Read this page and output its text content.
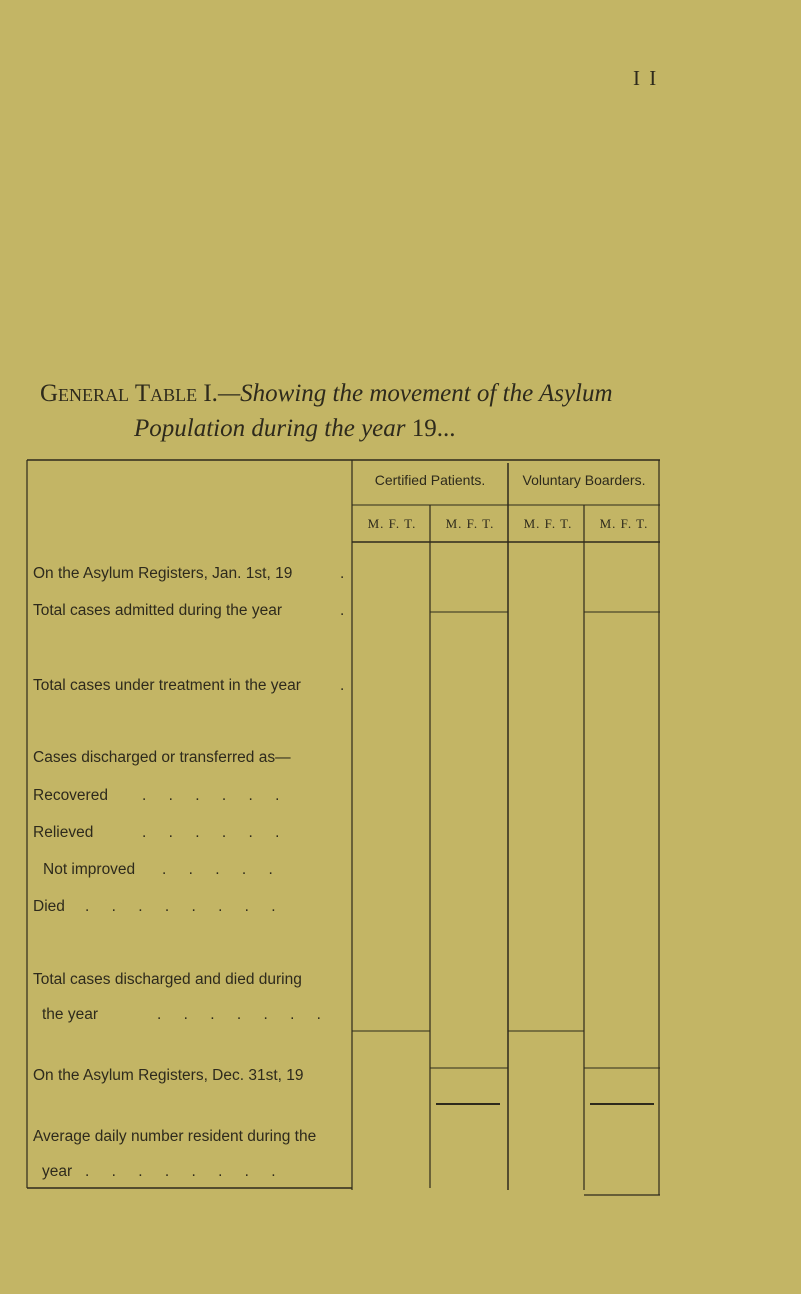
I I
General Table I.—Showing the movement of the Asylum
Population during the year 19...
Certified Patients.	Voluntary Boarders.
M. F. T.	M. F. T.	M. F. T.	M. F. T.
On the Asylum Registers, Jan. 1st, 19	.
Total cases admitted during the year	.
Total cases under treatment in the year	.
Cases discharged or transferred as—
Recovered . . . . . .
Relieved	. . . . . .
Not improved . . . . .
Died . . . . . . . .
Total cases discharged and died during
the year	. . . . . . .
On the Asylum Registers, Dec. 31st, 19
Average daily number resident during the
year . . . . . . . .
